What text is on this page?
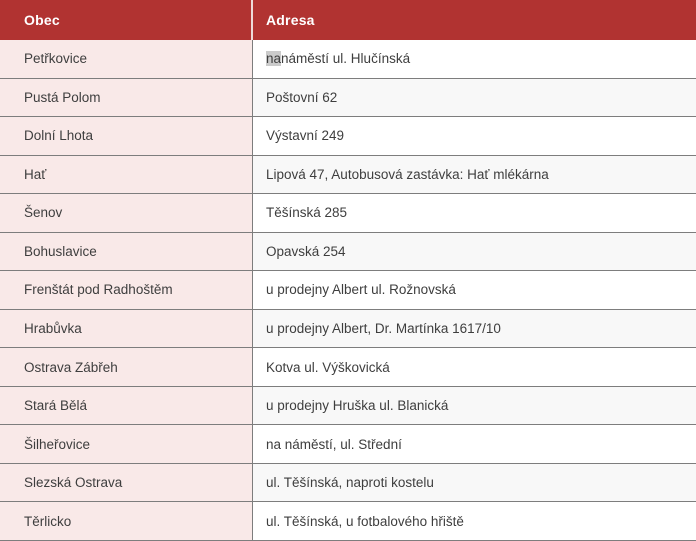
Obec	Adresa
Petřkovice	na náměstí ul. Hlučínská
Pustá Polom	Poštovní 62
Dolní Lhota	Výstavní 249
Hať	Lipová 47, Autobusová zastávka: Hať mlékárna
Šenov	Těšínská 285
Bohuslavice	Opavská 254
Frenštát pod Radhoštěm	u prodejny Albert ul. Rožnovská
Hrabůvka	u prodejny Albert, Dr. Martínka 1617/10
Ostrava Zábřeh	Kotva ul. Výškovická
Stará Bělá	u prodejny Hruška ul. Blanická
Šilheřovice	na náměstí, ul. Střední
Slezská Ostrava	ul. Těšínská, naproti kostelu
Těrlicko	ul. Těšínská, u fotbalového hřiště
